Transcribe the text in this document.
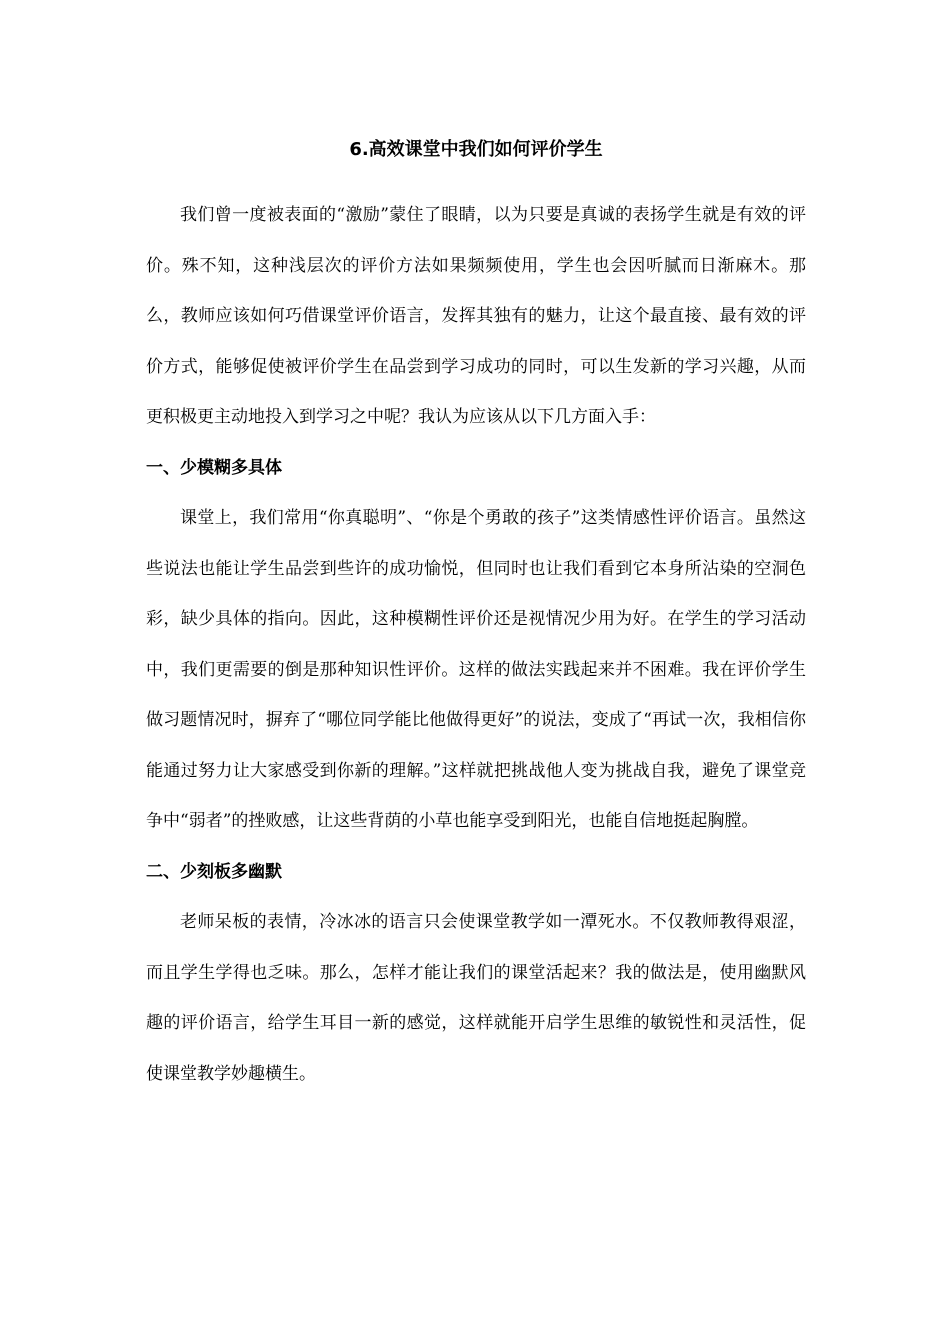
6.高效课堂中我们如何评价学生

我们曾一度被表面的“激励”蒙住了眼睛，以为只要是真诚的表扬学生就是有效的评价。殊不知，这种浅层次的评价方法如果频频使用，学生也会因听腻而日渐麻木。那么，教师应该如何巧借课堂评价语言，发挥其独有的魅力，让这个最直接、最有效的评价方式，能够促使被评价学生在品尝到学习成功的同时，可以生发新的学习兴趣，从而更积极更主动地投入到学习之中呢？我认为应该从以下几方面入手：

一、少模糊多具体

课堂上，我们常用“你真聪明”、“你是个勇敢的孩子”这类情感性评价语言。虽然这些说法也能让学生品尝到些许的成功愉悦，但同时也让我们看到它本身所沾染的空洞色彩，缺少具体的指向。因此，这种模糊性评价还是视情况少用为好。在学生的学习活动中，我们更需要的倒是那种知识性评价。这样的做法实践起来并不困难。我在评价学生做习题情况时，摒弃了“哪位同学能比他做得更好”的说法，变成了“再试一次，我相信你能通过努力让大家感受到你新的理解。”这样就把挑战他人变为挑战自我，避免了课堂竞争中“弱者”的挫败感，让这些背荫的小草也能享受到阳光，也能自信地挺起胸膛。

二、少刻板多幽默

老师呆板的表情，冷冰冰的语言只会使课堂教学如一潭死水。不仅教师教得艰涩，而且学生学得也乏味。那么，怎样才能让我们的课堂活起来？我的做法是，使用幽默风趣的评价语言，给学生耳目一新的感觉，这样就能开启学生思维的敏锐性和灵活性，促使课堂教学妙趣横生。
